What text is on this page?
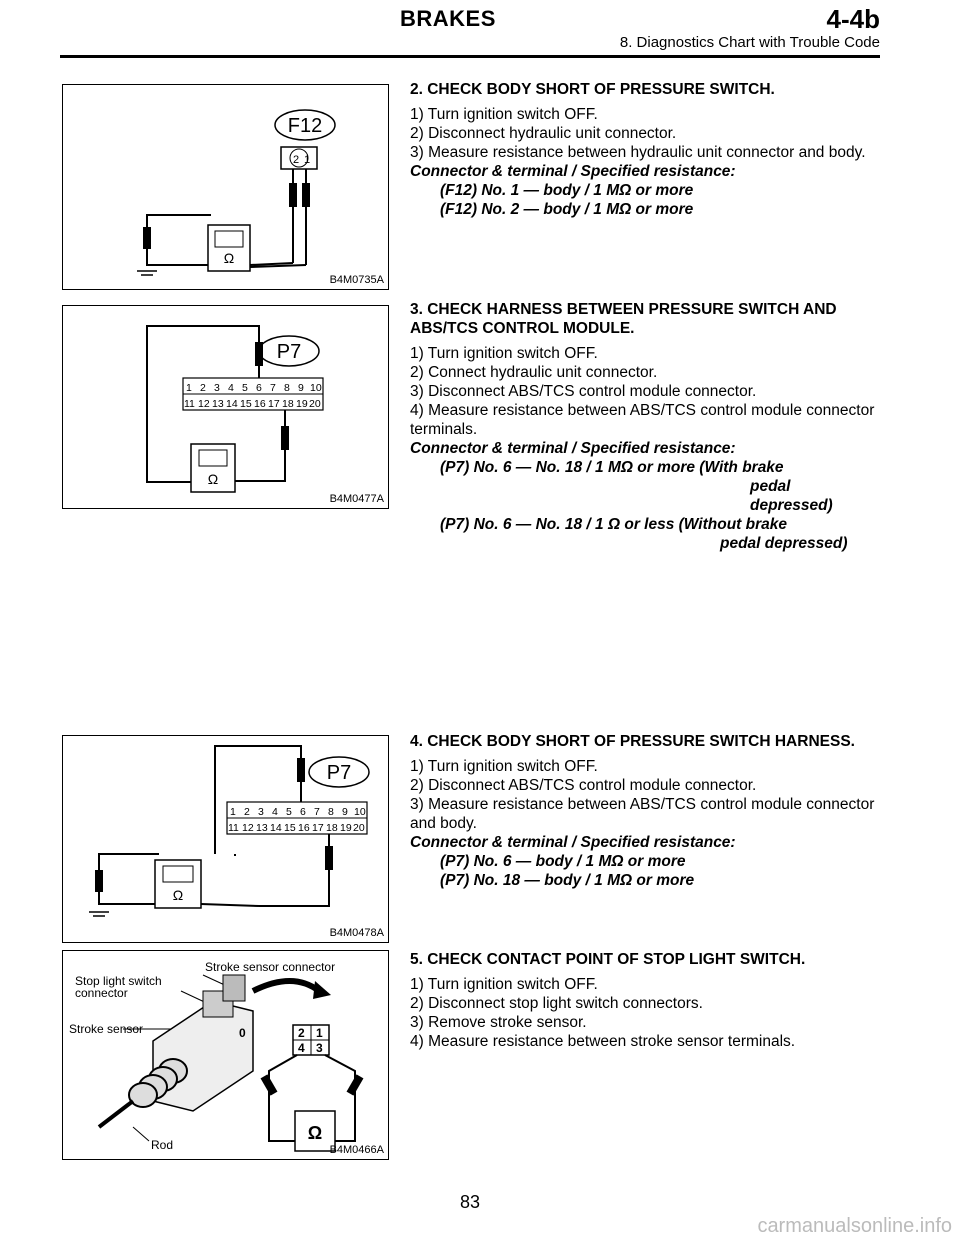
BRAKES	4-4b
8. Diagnostics Chart with Trouble Code
F12
2 1
Ω
B4M0735A
P7
1 2 3 4 5 6 7 8 9 10
11 12 13 14 15 16 17 18 19 20
Ω
B4M0477A
P7
1 2 3 4 5 6 7 8 9 10
11 12 13 14 15 16 17 18 19 20
Ω
B4M0478A
Stroke sensor connector
Stop light switch
connector
Stroke sensor
Rod
0	2 1
4 3
Ω
B4M0466A
2. CHECK BODY SHORT OF PRESSURE SWITCH.

1) Turn ignition switch OFF.

2) Disconnect hydraulic unit connector.

3) Measure resistance between hydraulic unit connector and body.

Connector & terminal / Specified resistance:

(F12) No. 1 — body / 1 MΩ or more

(F12) No. 2 — body / 1 MΩ or more

3. CHECK HARNESS BETWEEN PRESSURE SWITCH AND ABS/TCS CONTROL MODULE.

1) Turn ignition switch OFF.

2) Connect hydraulic unit connector.

3) Disconnect ABS/TCS control module connector.

4) Measure resistance between ABS/TCS control module connector terminals.

Connector & terminal / Specified resistance:

(P7) No. 6 — No. 18 / 1 MΩ or more (With brake

pedal

depressed)

(P7) No. 6 — No. 18 / 1 Ω or less (Without brake

pedal depressed)

4. CHECK BODY SHORT OF PRESSURE SWITCH HARNESS.

1) Turn ignition switch OFF.

2) Disconnect ABS/TCS control module connector.

3) Measure resistance between ABS/TCS control module connector and body.

Connector & terminal / Specified resistance:

(P7) No. 6 — body / 1 MΩ or more

(P7) No. 18 — body / 1 MΩ or more

5. CHECK CONTACT POINT OF STOP LIGHT SWITCH.

1) Turn ignition switch OFF.

2) Disconnect stop light switch connectors.

3) Remove stroke sensor.

4) Measure resistance between stroke sensor terminals.

83
carmanualsonline.info
